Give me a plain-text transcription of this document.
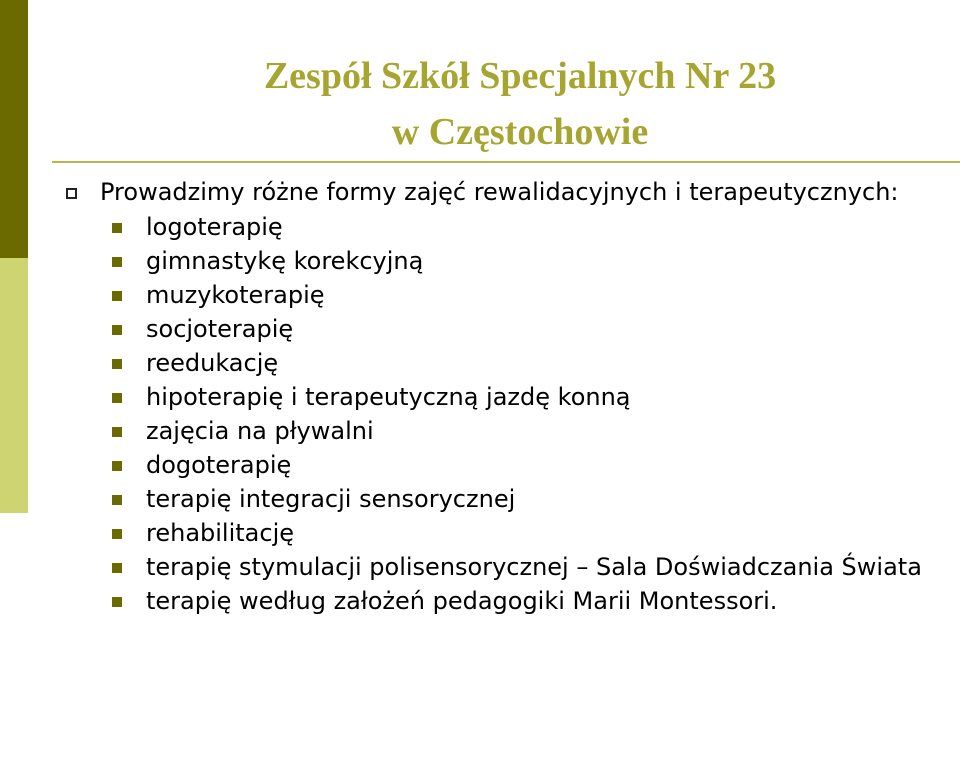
Zespół Szkół Specjalnych Nr 23
w Częstochowie
Prowadzimy różne formy zajęć rewalidacyjnych i terapeutycznych:
logoterapię
gimnastykę korekcyjną
muzykoterapię
socjoterapię
reedukację
hipoterapię i terapeutyczną jazdę konną
zajęcia na pływalni
dogoterapię
terapię integracji sensorycznej
rehabilitację
terapię stymulacji polisensorycznej – Sala Doświadczania Świata
terapię według założeń pedagogiki Marii Montessori.
